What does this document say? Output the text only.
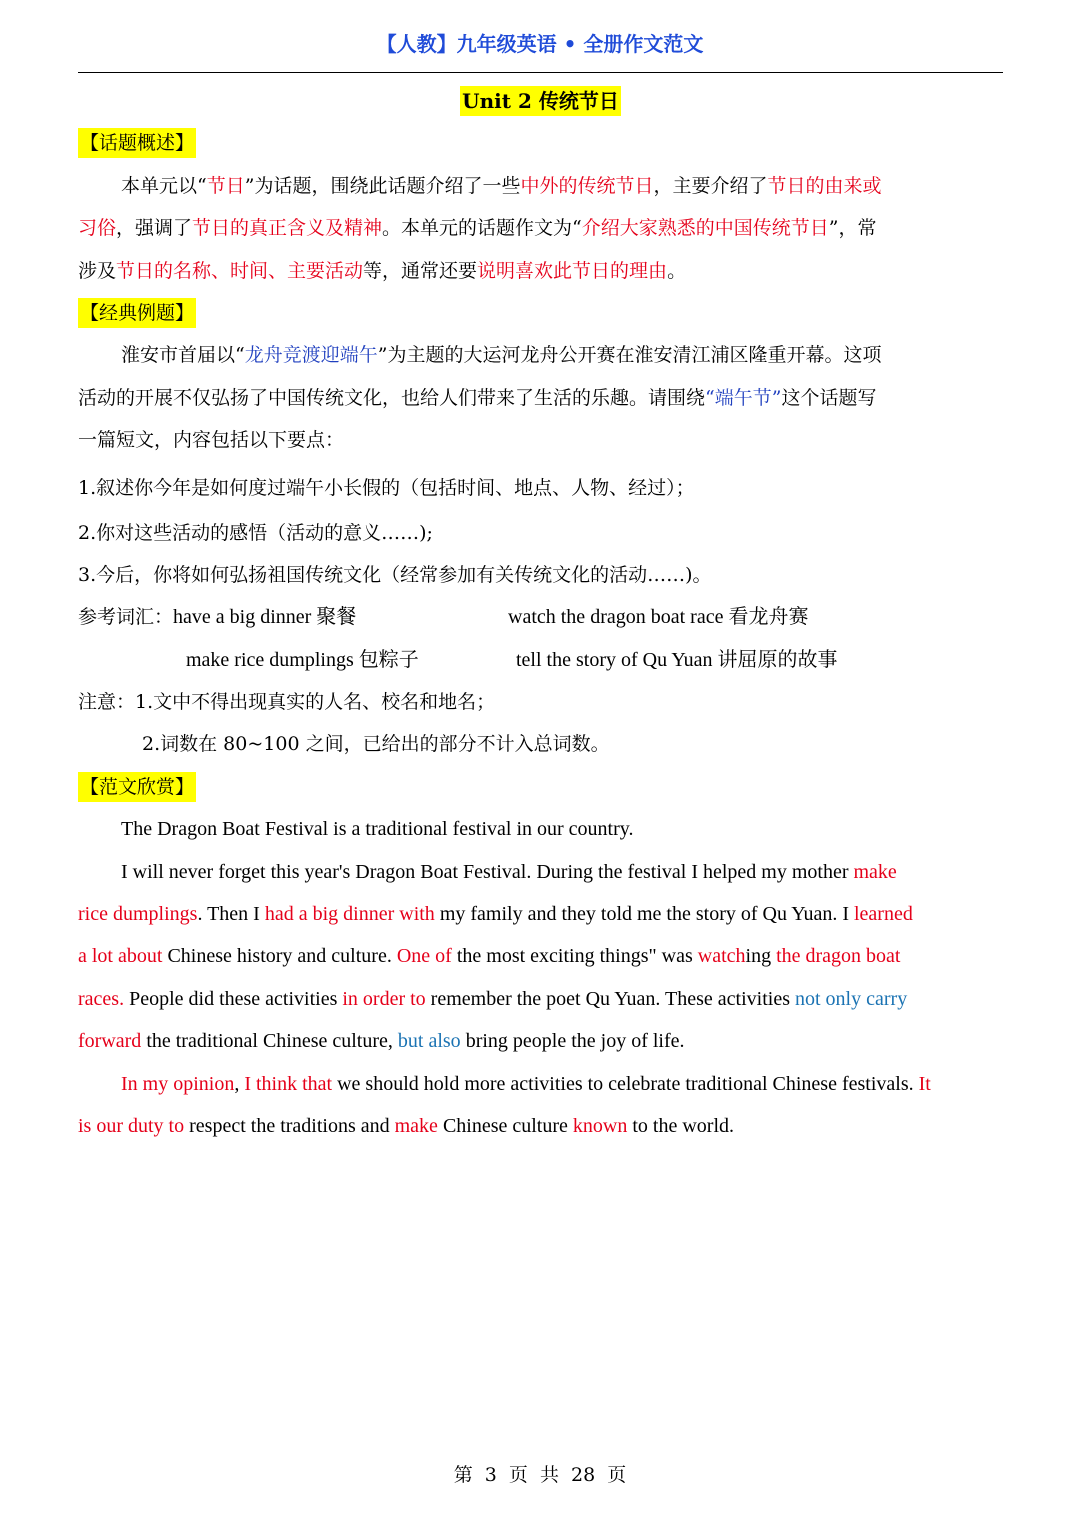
【人教】九年级英语 • 全册作文范文
Unit 2 传统节日
【话题概述】
本单元以“节日”为话题，围绕此话题介绍了一些中外的传统节日，主要介绍了节日的由来或
习俗，强调了节日的真正含义及精神。本单元的话题作文为“介绍大家熟悉的中国传统节日”，常
涉及节日的名称、时间、主要活动等，通常还要说明喜欢此节日的理由。
【经典例题】
淮安市首届以“龙舟竞渡迎端午”为主题的大运河龙舟公开赛在淮安清江浦区隆重开幕。这项
活动的开展不仅弘扬了中国传统文化，也给人们带来了生活的乐趣。请围绕“端午节”这个话题写
一篇短文，内容包括以下要点：
1.叙述你今年是如何度过端午小长假的（包括时间、地点、人物、经过）；
2.你对这些活动的感悟（活动的意义……);
3.今后，你将如何弘扬祖国传统文化（经常参加有关传统文化的活动……)。
参考词汇：have a big dinner 聚餐	watch the dragon boat race 看龙舟赛
make rice dumplings 包粽子	tell the story of Qu Yuan 讲屈原的故事
注意：1.文中不得出现真实的人名、校名和地名；
2.词数在 80~100 之间，已给出的部分不计入总词数。
【范文欣赏】
The Dragon Boat Festival is a traditional festival in our country.
I will never forget this year's Dragon Boat Festival. During the festival I helped my mother make
rice dumplings. Then I had a big dinner with my family and they told me the story of Qu Yuan. I learned
a lot about Chinese history and culture. One of the most exciting things" was watching the dragon boat
races. People did these activities in order to remember the poet Qu Yuan. These activities not only carry
forward the traditional Chinese culture, but also bring people the joy of life.
In my opinion, I think that we should hold more activities to celebrate traditional Chinese festivals. It
is our duty to respect the traditions and make Chinese culture known to the world.
第 3 页 共 28 页
